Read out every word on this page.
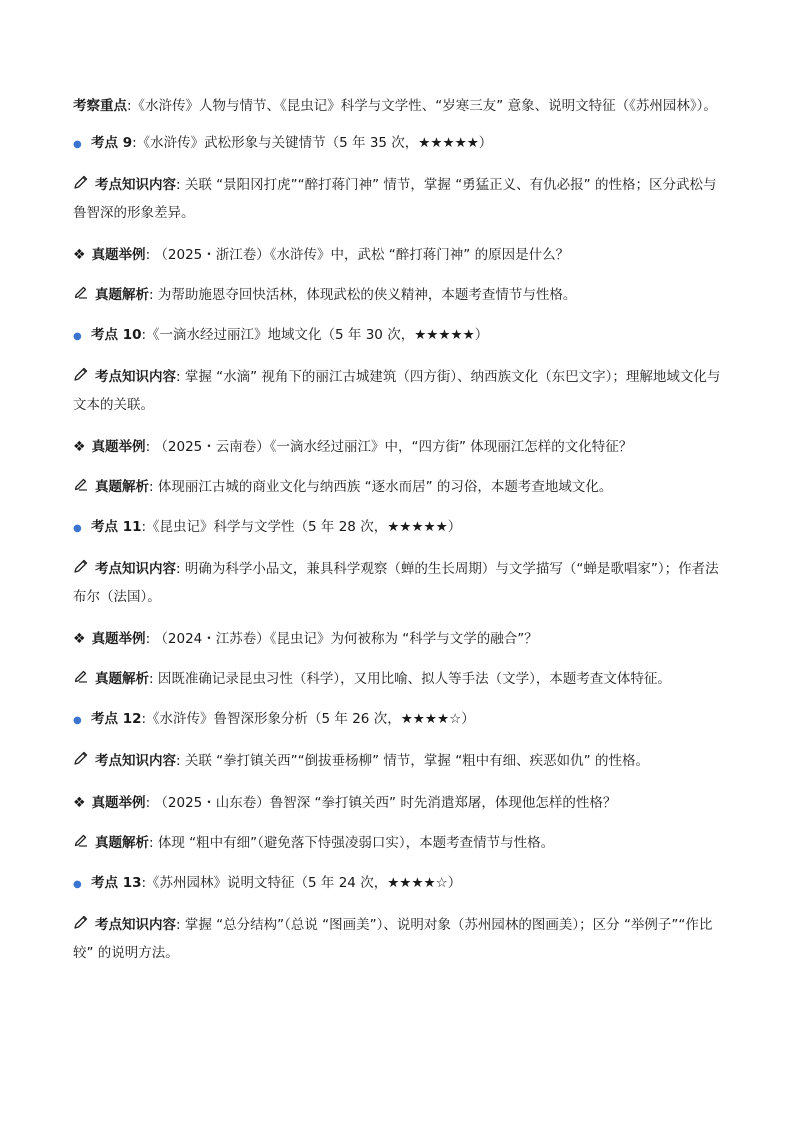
考察重点:《水浒传》人物与情节、《昆虫记》科学与文学性、“岁寒三友” 意象、说明文特征（《苏州园林》）。

● 考点 9:《水浒传》武松形象与关键情节（5 年 35 次，★★★★★）
考点知识内容: 关联 “景阳冈打虎”“醉打蒋门神” 情节，掌握 “勇猛正义、有仇必报” 的性格；区分武松与鲁智深的形象差异。
❖ 真题举例: （2025・浙江卷）《水浒传》中，武松 “醉打蒋门神” 的原因是什么？
真题解析: 为帮助施恩夺回快活林，体现武松的侠义精神，本题考查情节与性格。
● 考点 10:《一滴水经过丽江》地域文化（5 年 30 次，★★★★★）
考点知识内容: 掌握 “水滴” 视角下的丽江古城建筑（四方街）、纳西族文化（东巴文字）；理解地域文化与文本的关联。
❖ 真题举例: （2025・云南卷）《一滴水经过丽江》中，“四方街” 体现丽江怎样的文化特征？
真题解析: 体现丽江古城的商业文化与纳西族 “逐水而居” 的习俗，本题考查地域文化。
● 考点 11:《昆虫记》科学与文学性（5 年 28 次，★★★★★）
考点知识内容: 明确为科学小品文，兼具科学观察（蝉的生长周期）与文学描写（“蝉是歌唱家”）；作者法布尔（法国）。
❖ 真题举例: （2024・江苏卷）《昆虫记》为何被称为 “科学与文学的融合”？
真题解析: 因既准确记录昆虫习性（科学），又用比喻、拟人等手法（文学），本题考查文体特征。
● 考点 12:《水浒传》鲁智深形象分析（5 年 26 次，★★★★☆）
考点知识内容: 关联 “拳打镇关西”“倒拔垂杨柳” 情节，掌握 “粗中有细、疾恶如仇” 的性格。
❖ 真题举例: （2025・山东卷）鲁智深 “拳打镇关西” 时先消遣郑屠，体现他怎样的性格？
真题解析: 体现 “粗中有细”（避免落下恃强凌弱口实），本题考查情节与性格。
● 考点 13:《苏州园林》说明文特征（5 年 24 次，★★★★☆）
考点知识内容: 掌握 “总分结构”（总说 “图画美”）、说明对象（苏州园林的图画美）；区分 “举例子”“作比较” 的说明方法。
